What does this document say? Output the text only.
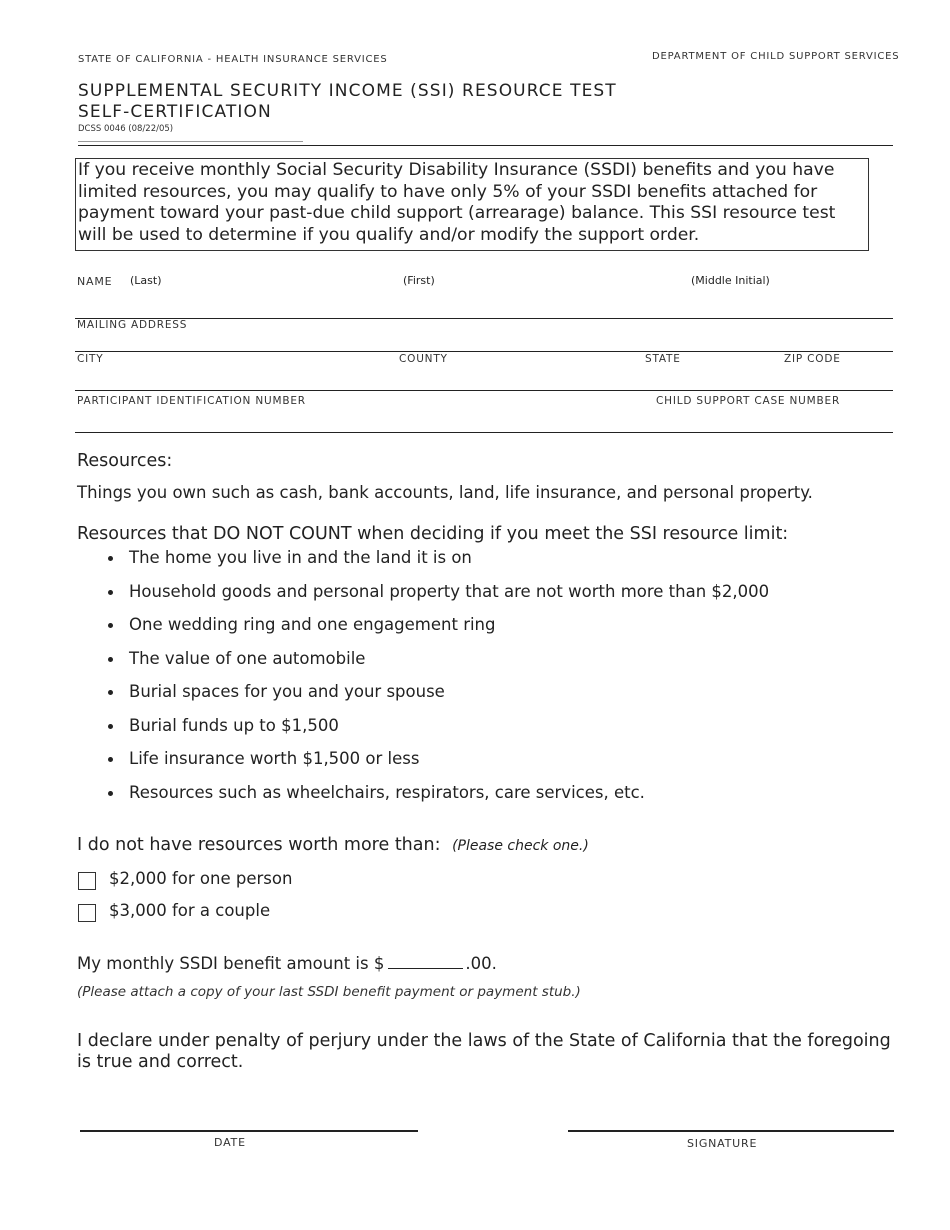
STATE OF CALIFORNIA - HEALTH INSURANCE SERVICES	DEPARTMENT OF CHILD SUPPORT SERVICES
SUPPLEMENTAL SECURITY INCOME (SSI) RESOURCE TEST
SELF-CERTIFICATION
DCSS 0046 (08/22/05)
If you receive monthly Social Security Disability Insurance (SSDI) benefits and you have limited resources, you may qualify to have only 5% of your SSDI benefits attached for payment toward your past-due child support (arrearage) balance. This SSI resource test will be used to determine if you qualify and/or modify the support order.
NAME (Last)	(First)	(Middle Initial)
MAILING ADDRESS
CITY	COUNTY	STATE	ZIP CODE
PARTICIPANT IDENTIFICATION NUMBER	CHILD SUPPORT CASE NUMBER
Resources:
Things you own such as cash, bank accounts, land, life insurance, and personal property.
Resources that DO NOT COUNT when deciding if you meet the SSI resource limit:
The home you live in and the land it is on
Household goods and personal property that are not worth more than $2,000
One wedding ring and one engagement ring
The value of one automobile
Burial spaces for you and your spouse
Burial funds up to $1,500
Life insurance worth $1,500 or less
Resources such as wheelchairs, respirators, care services, etc.
I do not have resources worth more than: (Please check one.)
$2,000 for one person
$3,000 for a couple
My monthly SSDI benefit amount is $	.00.
(Please attach a copy of your last SSDI benefit payment or payment stub.)
I declare under penalty of perjury under the laws of the State of California that the foregoing is true and correct.
DATE	SIGNATURE
